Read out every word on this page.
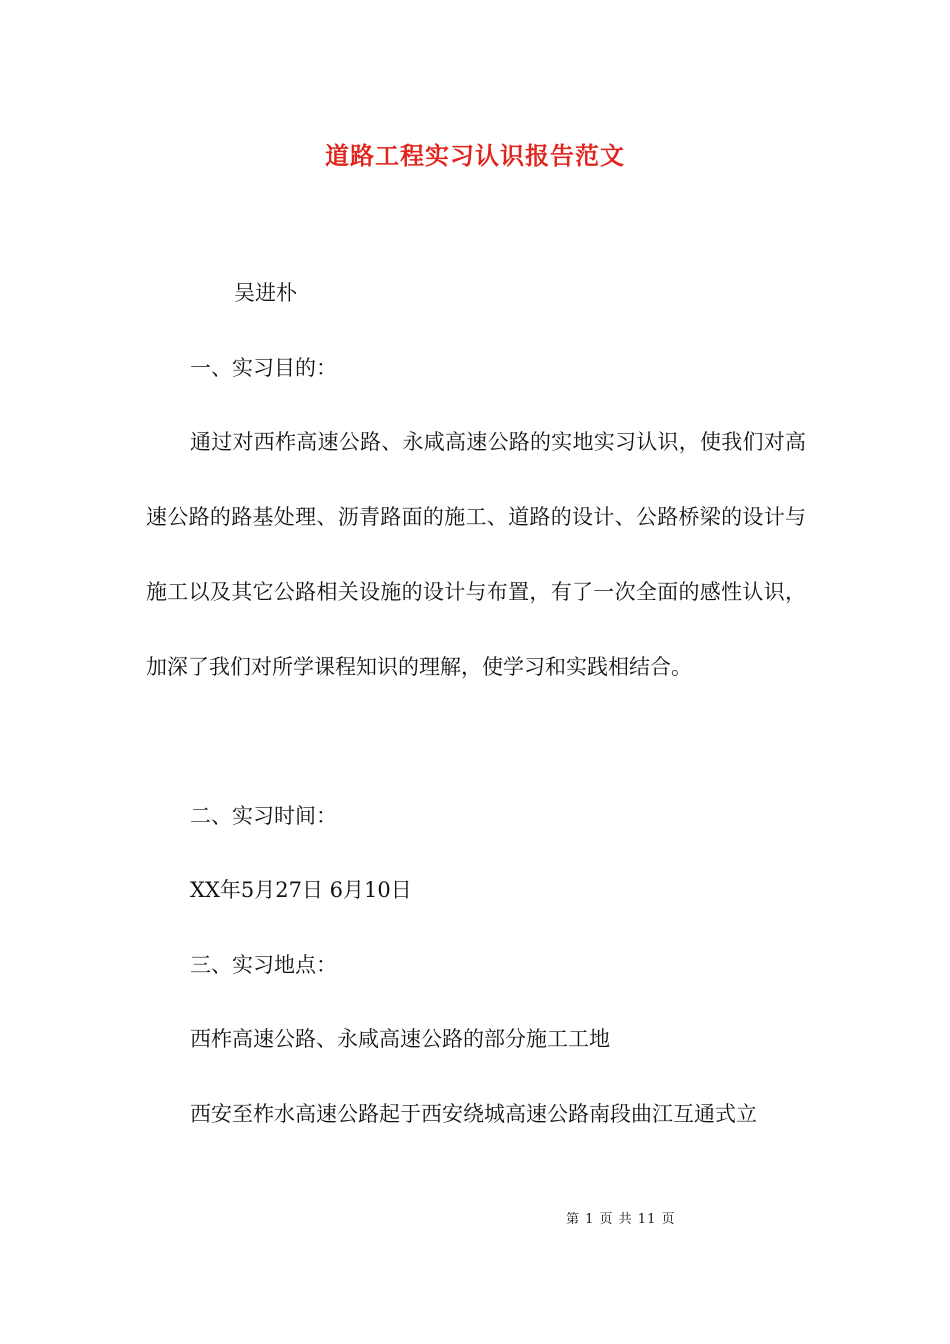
道路工程实习认识报告范文
吴进朴
一、实习目的：
通过对西柞高速公路、永咸高速公路的实地实习认识，使我们对高速公路的路基处理、沥青路面的施工、道路的设计、公路桥梁的设计与施工以及其它公路相关设施的设计与布置，有了一次全面的感性认识，加深了我们对所学课程知识的理解，使学习和实践相结合。
二、实习时间：
XX年5月27日 6月10日
三、实习地点：
西柞高速公路、永咸高速公路的部分施工工地
西安至柞水高速公路起于西安绕城高速公路南段曲江互通式立
第 1 页 共 11 页
